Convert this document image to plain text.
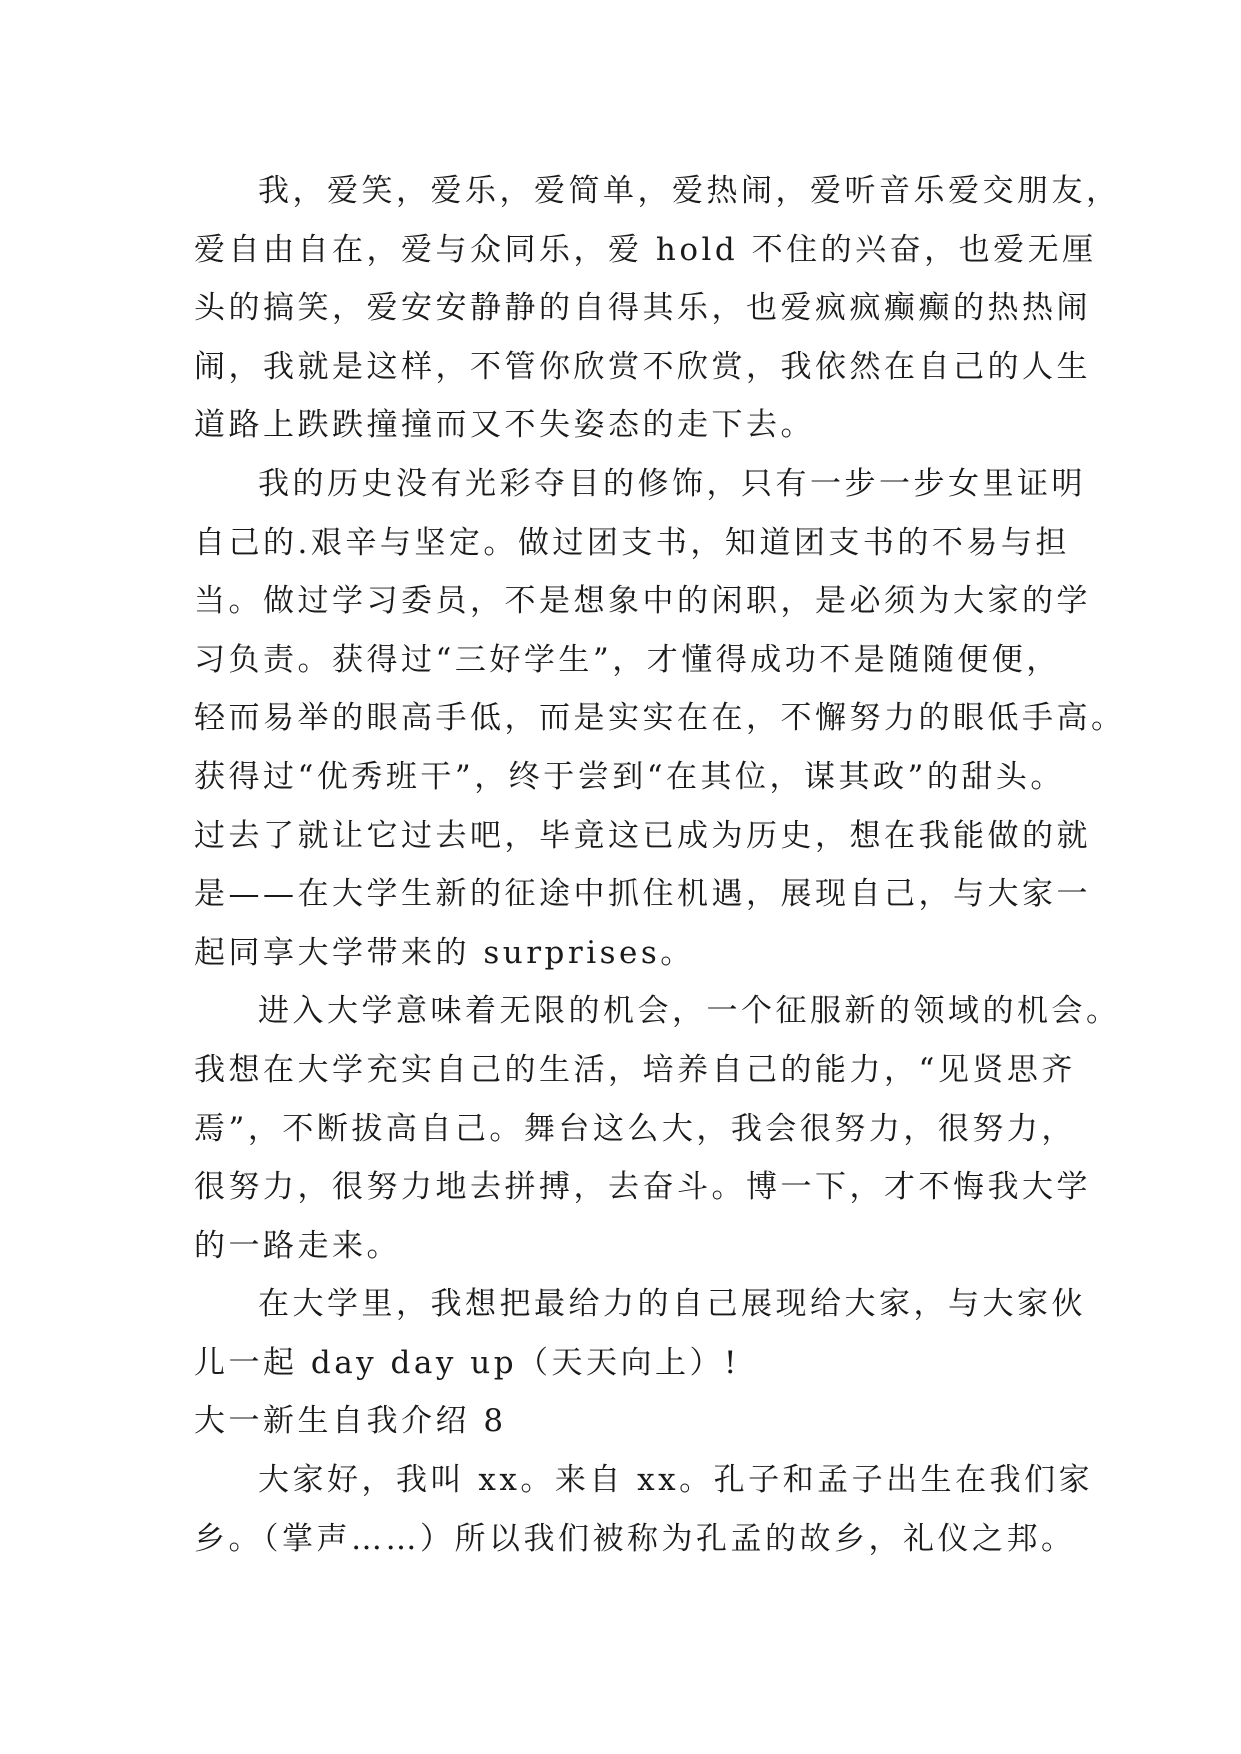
我，爱笑，爱乐，爱简单，爱热闹，爱听音乐爱交朋友，
爱自由自在，爱与众同乐，爱 hold 不住的兴奋，也爱无厘
头的搞笑，爱安安静静的自得其乐，也爱疯疯癫癫的热热闹
闹，我就是这样，不管你欣赏不欣赏，我依然在自己的人生
道路上跌跌撞撞而又不失姿态的走下去。
我的历史没有光彩夺目的修饰，只有一步一步女里证明
自己的.艰辛与坚定。做过团支书，知道团支书的不易与担
当。做过学习委员，不是想象中的闲职，是必须为大家的学
习负责。获得过“三好学生”，才懂得成功不是随随便便，
轻而易举的眼高手低，而是实实在在，不懈努力的眼低手高。
获得过“优秀班干”，终于尝到“在其位，谋其政”的甜头。
过去了就让它过去吧，毕竟这已成为历史，想在我能做的就
是——在大学生新的征途中抓住机遇，展现自己，与大家一
起同享大学带来的 surprises。
进入大学意味着无限的机会，一个征服新的领域的机会。
我想在大学充实自己的生活，培养自己的能力，“见贤思齐
焉”，不断拔高自己。舞台这么大，我会很努力，很努力，
很努力，很努力地去拼搏，去奋斗。博一下，才不悔我大学
的一路走来。
在大学里，我想把最给力的自己展现给大家，与大家伙
儿一起 day day up（天天向上）!
大一新生自我介绍 8
大家好，我叫 xx。来自 xx。孔子和孟子出生在我们家
乡。（掌声……）所以我们被称为孔孟的故乡，礼仪之邦。
